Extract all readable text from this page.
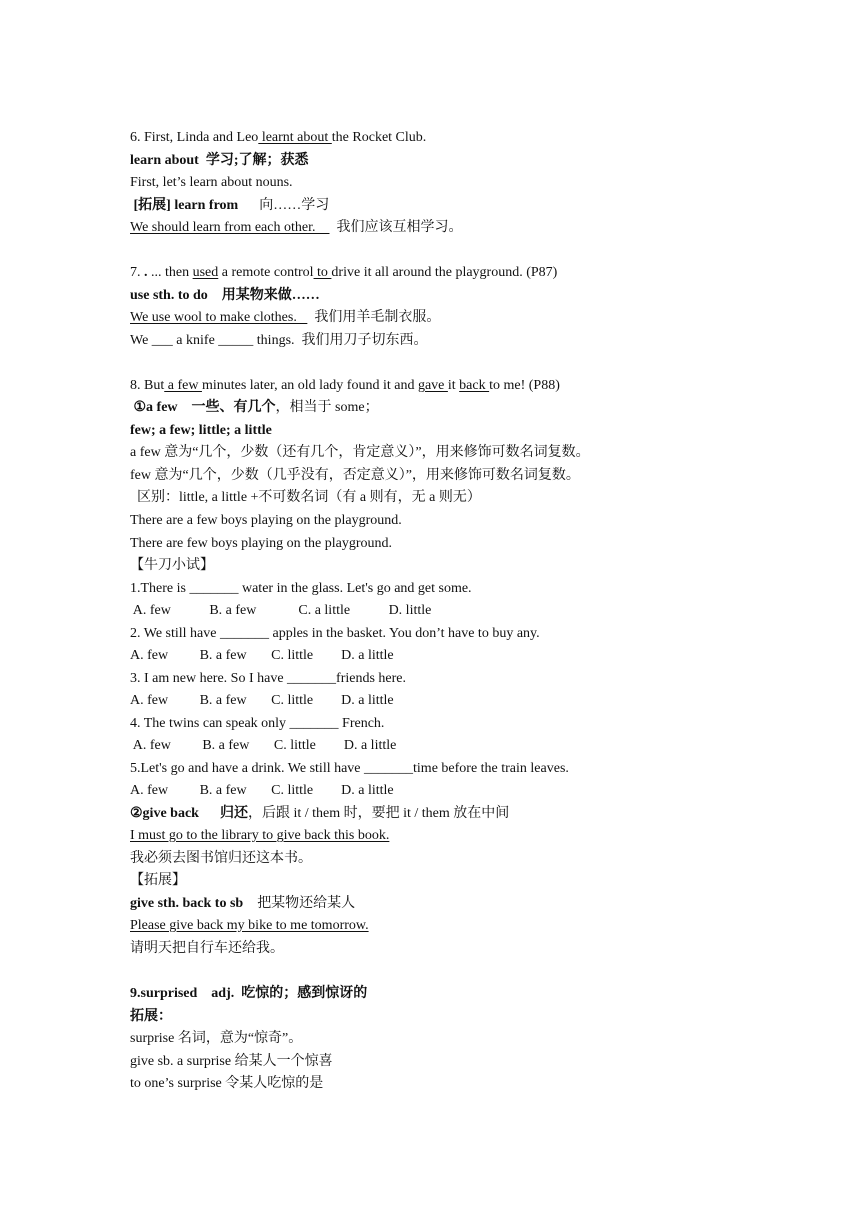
6. First, Linda and Leo learnt about the Rocket Club.
learn about  学习;了解；获悉
First, let’s learn about nouns.
[拓展] learn from      向……学习
We should learn from each other.      我们应该互相学习。
7. . ... then used a remote control to drive it all around the playground. (P87)
use sth. to do    用某物来做……
We use wool to make clothes.     我们用羊毛制衣服。
We ___ a knife _____ things.  我们用刀子切东西。
8. But a few minutes later, an old lady found it and gave it back to me! (P88)
①a few    一些、有几个，相当于 some；
few; a few; little; a little
a few 意为“几个，少数（还有几个，肯定意义）”，用来修饰可数名词复数。
few 意为“几个，少数（几乎没有，否定意义）”，用来修饰可数名词复数。
区别：little, a little +不可数名词（有 a 则有，无 a 则无）
There are a few boys playing on the playground.
There are few boys playing on the playground.
【牛刀小试】
1.There is _______ water in the glass. Let's go and get some.
A. few           B. a few            C. a little           D. little
2. We still have _______ apples in the basket. You don’t have to buy any.
A. few         B. a few       C. little        D. a little
3. I am new here. So I have _______friends here.
A. few         B. a few       C. little        D. a little
4. The twins can speak only _______ French.
A. few         B. a few       C. little        D. a little
5.Let's go and have a drink. We still have _______time before the train leaves.
A. few         B. a few       C. little        D. a little
②give back      归还，后跟 it / them 时，要把 it / them 放在中间
I must go to the library to give back this book.
我必须去图书馆归还这本书。
【拓展】
give sth. back to sb    把某物还给某人
Please give back my bike to me tomorrow.
请明天把自行车还给我。
9.surprised    adj.  吃惊的；感到惊讶的
拓展：
surprise 名词，意为“惊奇”。
give sb. a surprise 给某人一个惊喜
to one’s surprise 令某人吃惊的是
